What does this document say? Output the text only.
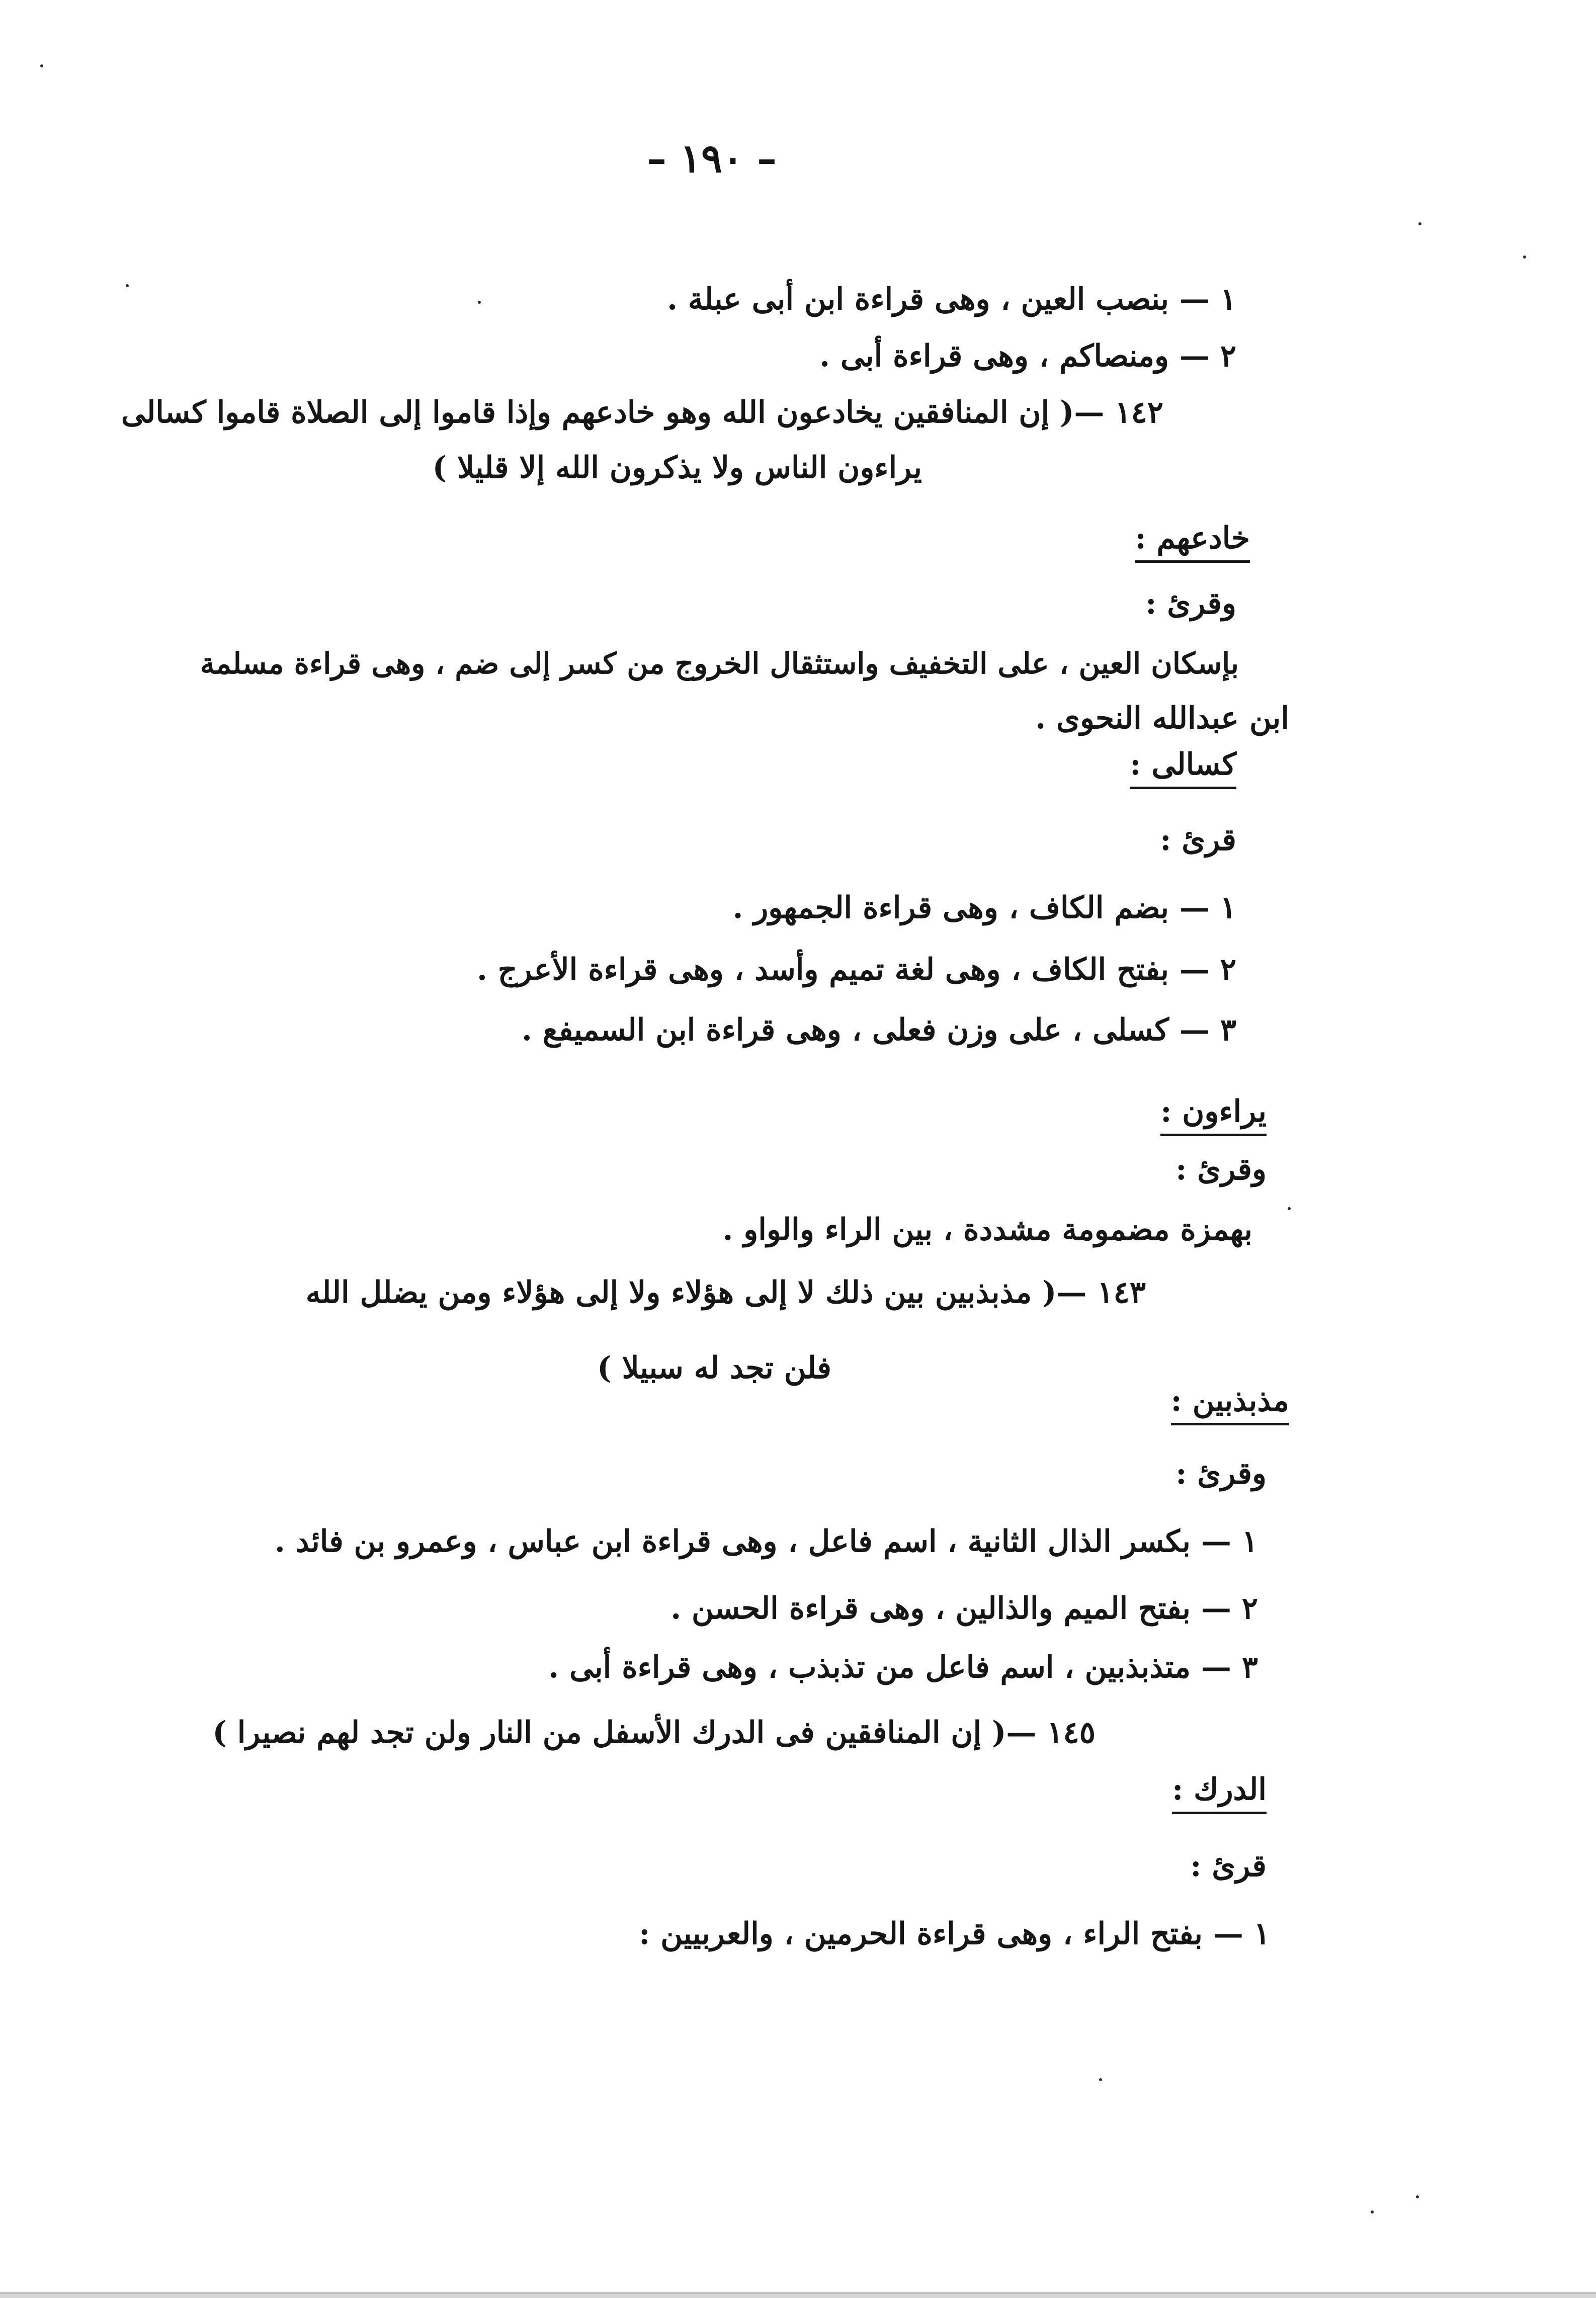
– ١٩٠ –
١ — بنصب العين ، وهى قراءة ابن أبى عبلة .
٢ — ومنصاكم ، وهى قراءة أبى .
١٤٢ —( إن المنافقين يخادعون الله وهو خادعهم وإذا قاموا إلى الصلاة قاموا كسالى
يراءون الناس ولا يذكرون الله إلا قليلا )
خادعهم :
وقرئ :
بإسكان العين ، على التخفيف واستثقال الخروج من كسر إلى ضم ، وهى قراءة مسلمة
ابن عبدالله النحوى .
كسالى :
قرئ :
١ — بضم الكاف ، وهى قراءة الجمهور .
٢ — بفتح الكاف ، وهى لغة تميم وأسد ، وهى قراءة الأعرج .
٣ — كسلى ، على وزن فعلى ، وهى قراءة ابن السميفع .
يراءون :
وقرئ :
بهمزة مضمومة مشددة ، بين الراء والواو .
١٤٣ —( مذبذبين بين ذلك لا إلى هؤلاء ولا إلى هؤلاء ومن يضلل الله
فلن تجد له سبيلا )
مذبذبين :
وقرئ :
١ — بكسر الذال الثانية ، اسم فاعل ، وهى قراءة ابن عباس ، وعمرو بن فائد .
٢ — بفتح الميم والذالين ، وهى قراءة الحسن .
٣ — متذبذبين ، اسم فاعل من تذبذب ، وهى قراءة أبى .
١٤٥ —( إن المنافقين فى الدرك الأسفل من النار ولن تجد لهم نصيرا )
الدرك :
قرئ :
١ — بفتح الراء ، وهى قراءة الحرمين ، والعربيين :
